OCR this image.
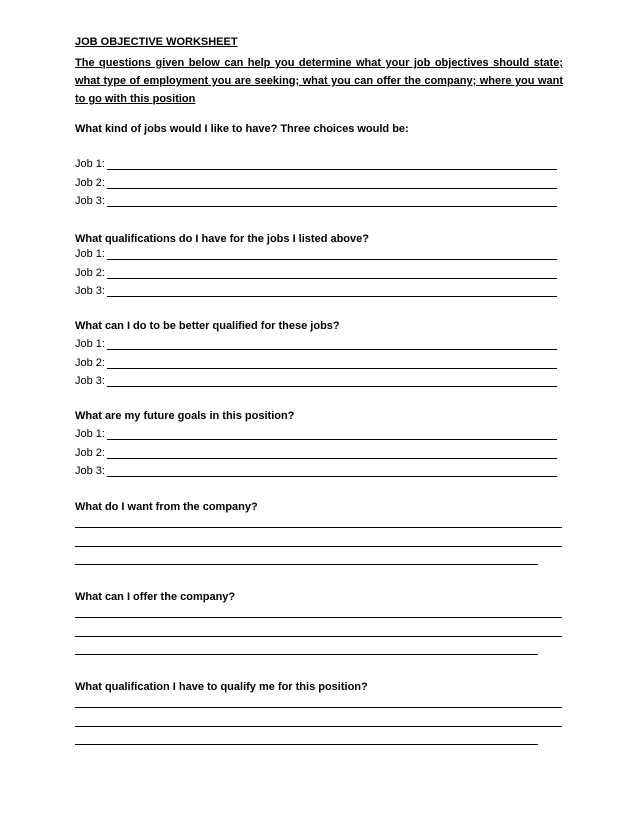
JOB OBJECTIVE WORKSHEET
The questions given below can help you determine what your job objectives should state; what type of employment you are seeking; what you can offer the company; where you want to go with this position
What kind of jobs would I like to have? Three choices would be:
Job 1:
Job 2:
Job 3:
What qualifications do I have for the jobs I listed above?
Job 1:
Job 2:
Job 3:
What can I do to be better qualified for these jobs?
Job 1:
Job 2:
Job 3:
What are my future goals in this position?
Job 1:
Job 2:
Job 3:
What do I want from the company?
What can I offer the company?
What qualification I have to qualify me for this position?
